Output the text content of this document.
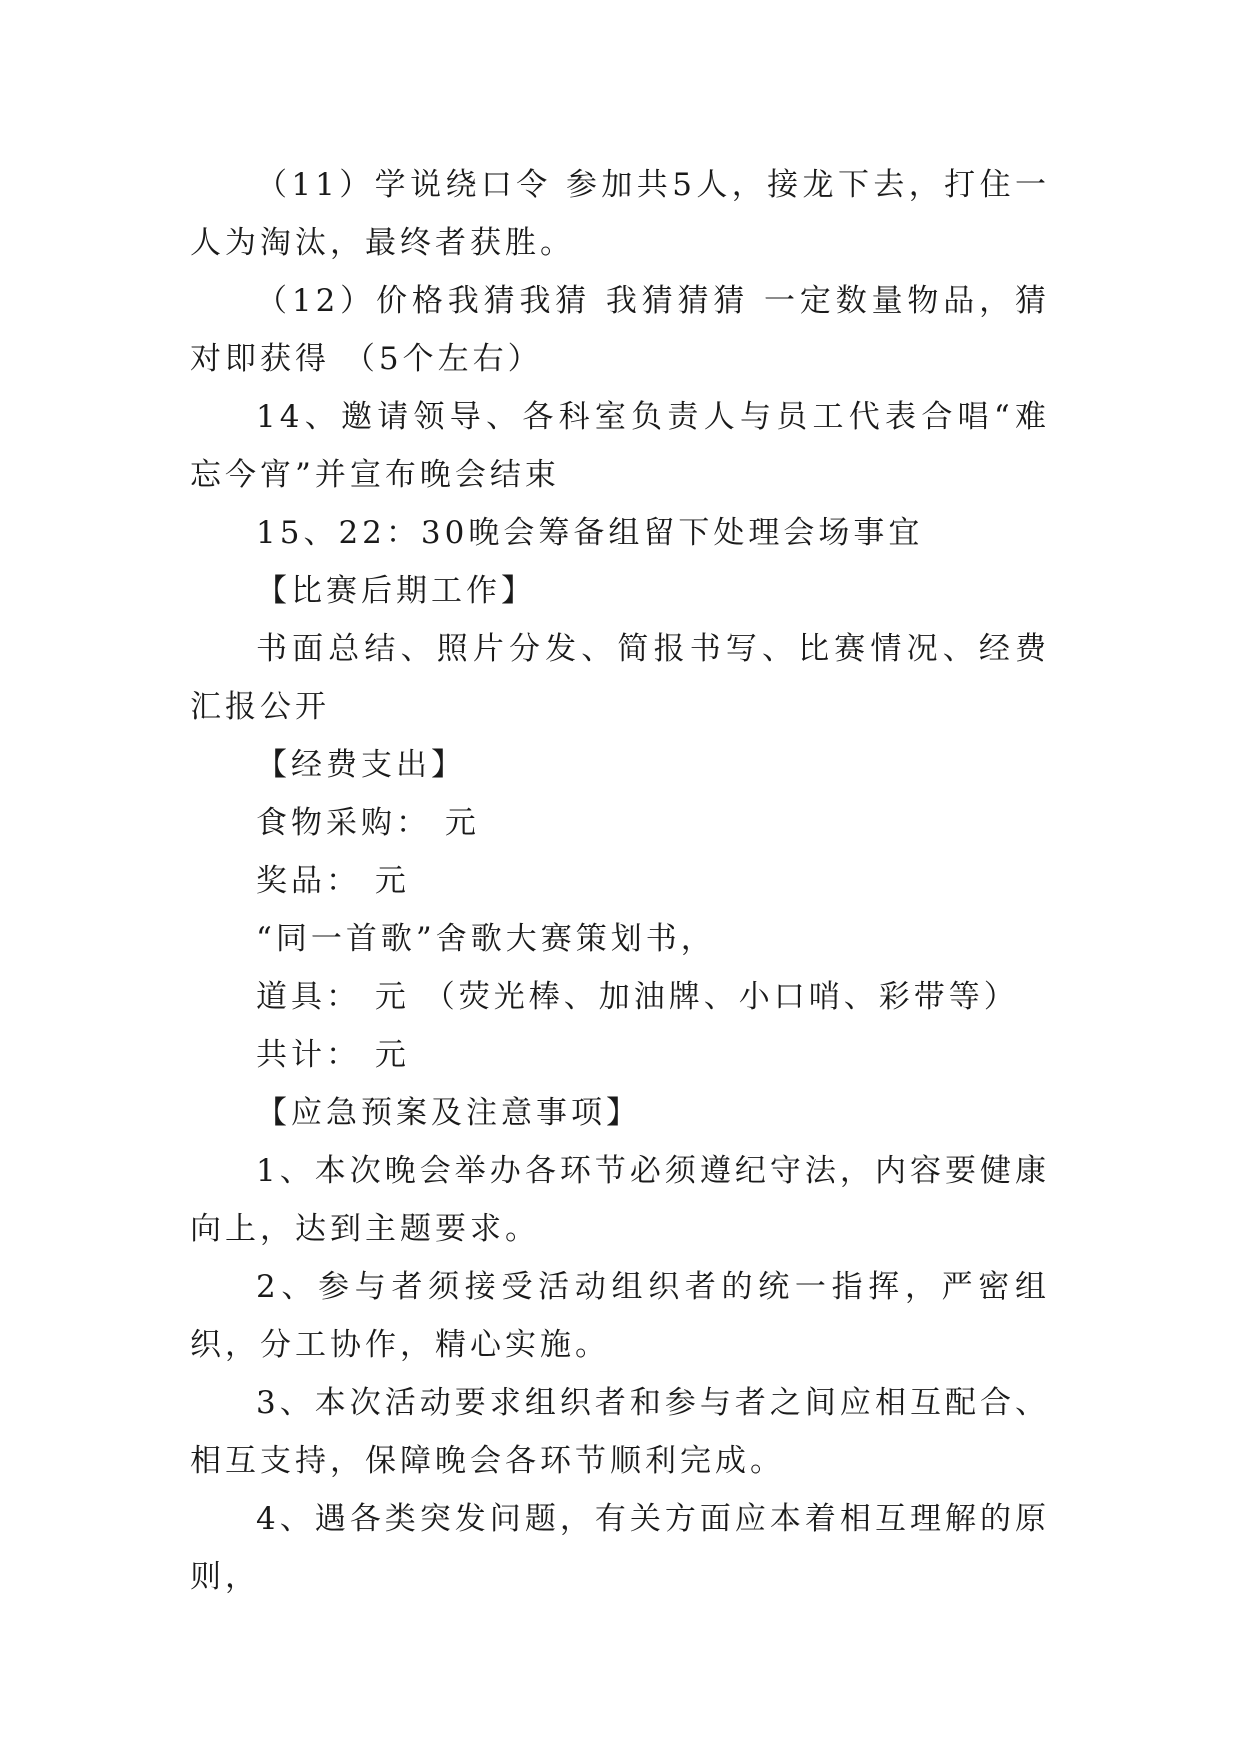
（11）学说绕口令 参加共5人，接龙下去，打住一人为淘汰，最终者获胜。

（12）价格我猜我猜 我猜猜猜 一定数量物品，猜对即获得 （5个左右）

14、邀请领导、各科室负责人与员工代表合唱“难忘今宵”并宣布晚会结束

15、22：30晚会筹备组留下处理会场事宜

【比赛后期工作】

书面总结、照片分发、简报书写、比赛情况、经费汇报公开

【经费支出】

食物采购： 元

奖品： 元

“同一首歌”舍歌大赛策划书，

道具： 元 （荧光棒、加油牌、小口哨、彩带等）

共计： 元

【应急预案及注意事项】

1、本次晚会举办各环节必须遵纪守法，内容要健康向上，达到主题要求。

2、参与者须接受活动组织者的统一指挥，严密组织，分工协作，精心实施。

3、本次活动要求组织者和参与者之间应相互配合、相互支持，保障晚会各环节顺利完成。

4、遇各类突发问题，有关方面应本着相互理解的原则，
